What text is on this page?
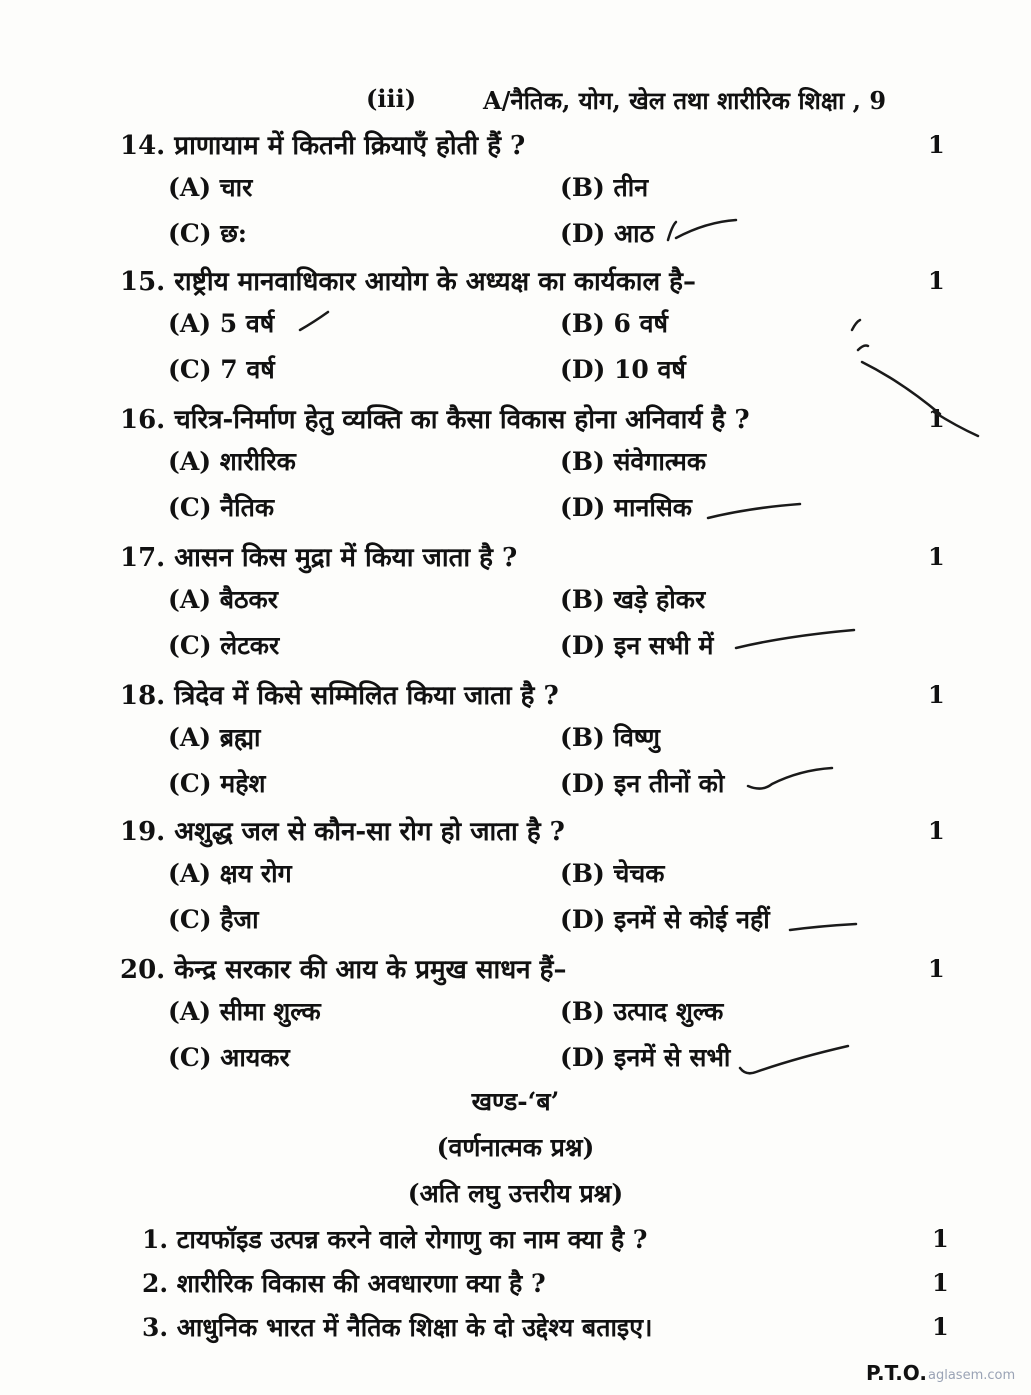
(iii)	A/नैतिक, योग, खेल तथा शारीरिक शिक्षा , 9
14. प्राणायाम में कितनी क्रियाएँ होती हैं ?	1
(A) चार	(B) तीन
(C) छ:	(D) आठ
15. राष्ट्रीय मानवाधिकार आयोग के अध्यक्ष का कार्यकाल है–	1
(A) 5 वर्ष	(B) 6 वर्ष
(C) 7 वर्ष	(D) 10 वर्ष
16. चरित्र-निर्माण हेतु व्यक्ति का कैसा विकास होना अनिवार्य है ?	1
(A) शारीरिक	(B) संवेगात्मक
(C) नैतिक	(D) मानसिक
17. आसन किस मुद्रा में किया जाता है ?	1
(A) बैठकर	(B) खड़े होकर
(C) लेटकर	(D) इन सभी में
18. त्रिदेव में किसे सम्मिलित किया जाता है ?	1
(A) ब्रह्मा	(B) विष्णु
(C) महेश	(D) इन तीनों को
19. अशुद्ध जल से कौन-सा रोग हो जाता है ?	1
(A) क्षय रोग	(B) चेचक
(C) हैजा	(D) इनमें से कोई नहीं
20. केन्द्र सरकार की आय के प्रमुख साधन हैं–	1
(A) सीमा शुल्क	(B) उत्पाद शुल्क
(C) आयकर	(D) इनमें से सभी
खण्ड-‘ब’
(वर्णनात्मक प्रश्न)
(अति लघु उत्तरीय प्रश्न)
1. टायफॉइड उत्पन्न करने वाले रोगाणु का नाम क्या है ?	1
2. शारीरिक विकास की अवधारणा क्या है ?	1
3. आधुनिक भारत में नैतिक शिक्षा के दो उद्देश्य बताइए।	1
P.T.O. aglasem.com
